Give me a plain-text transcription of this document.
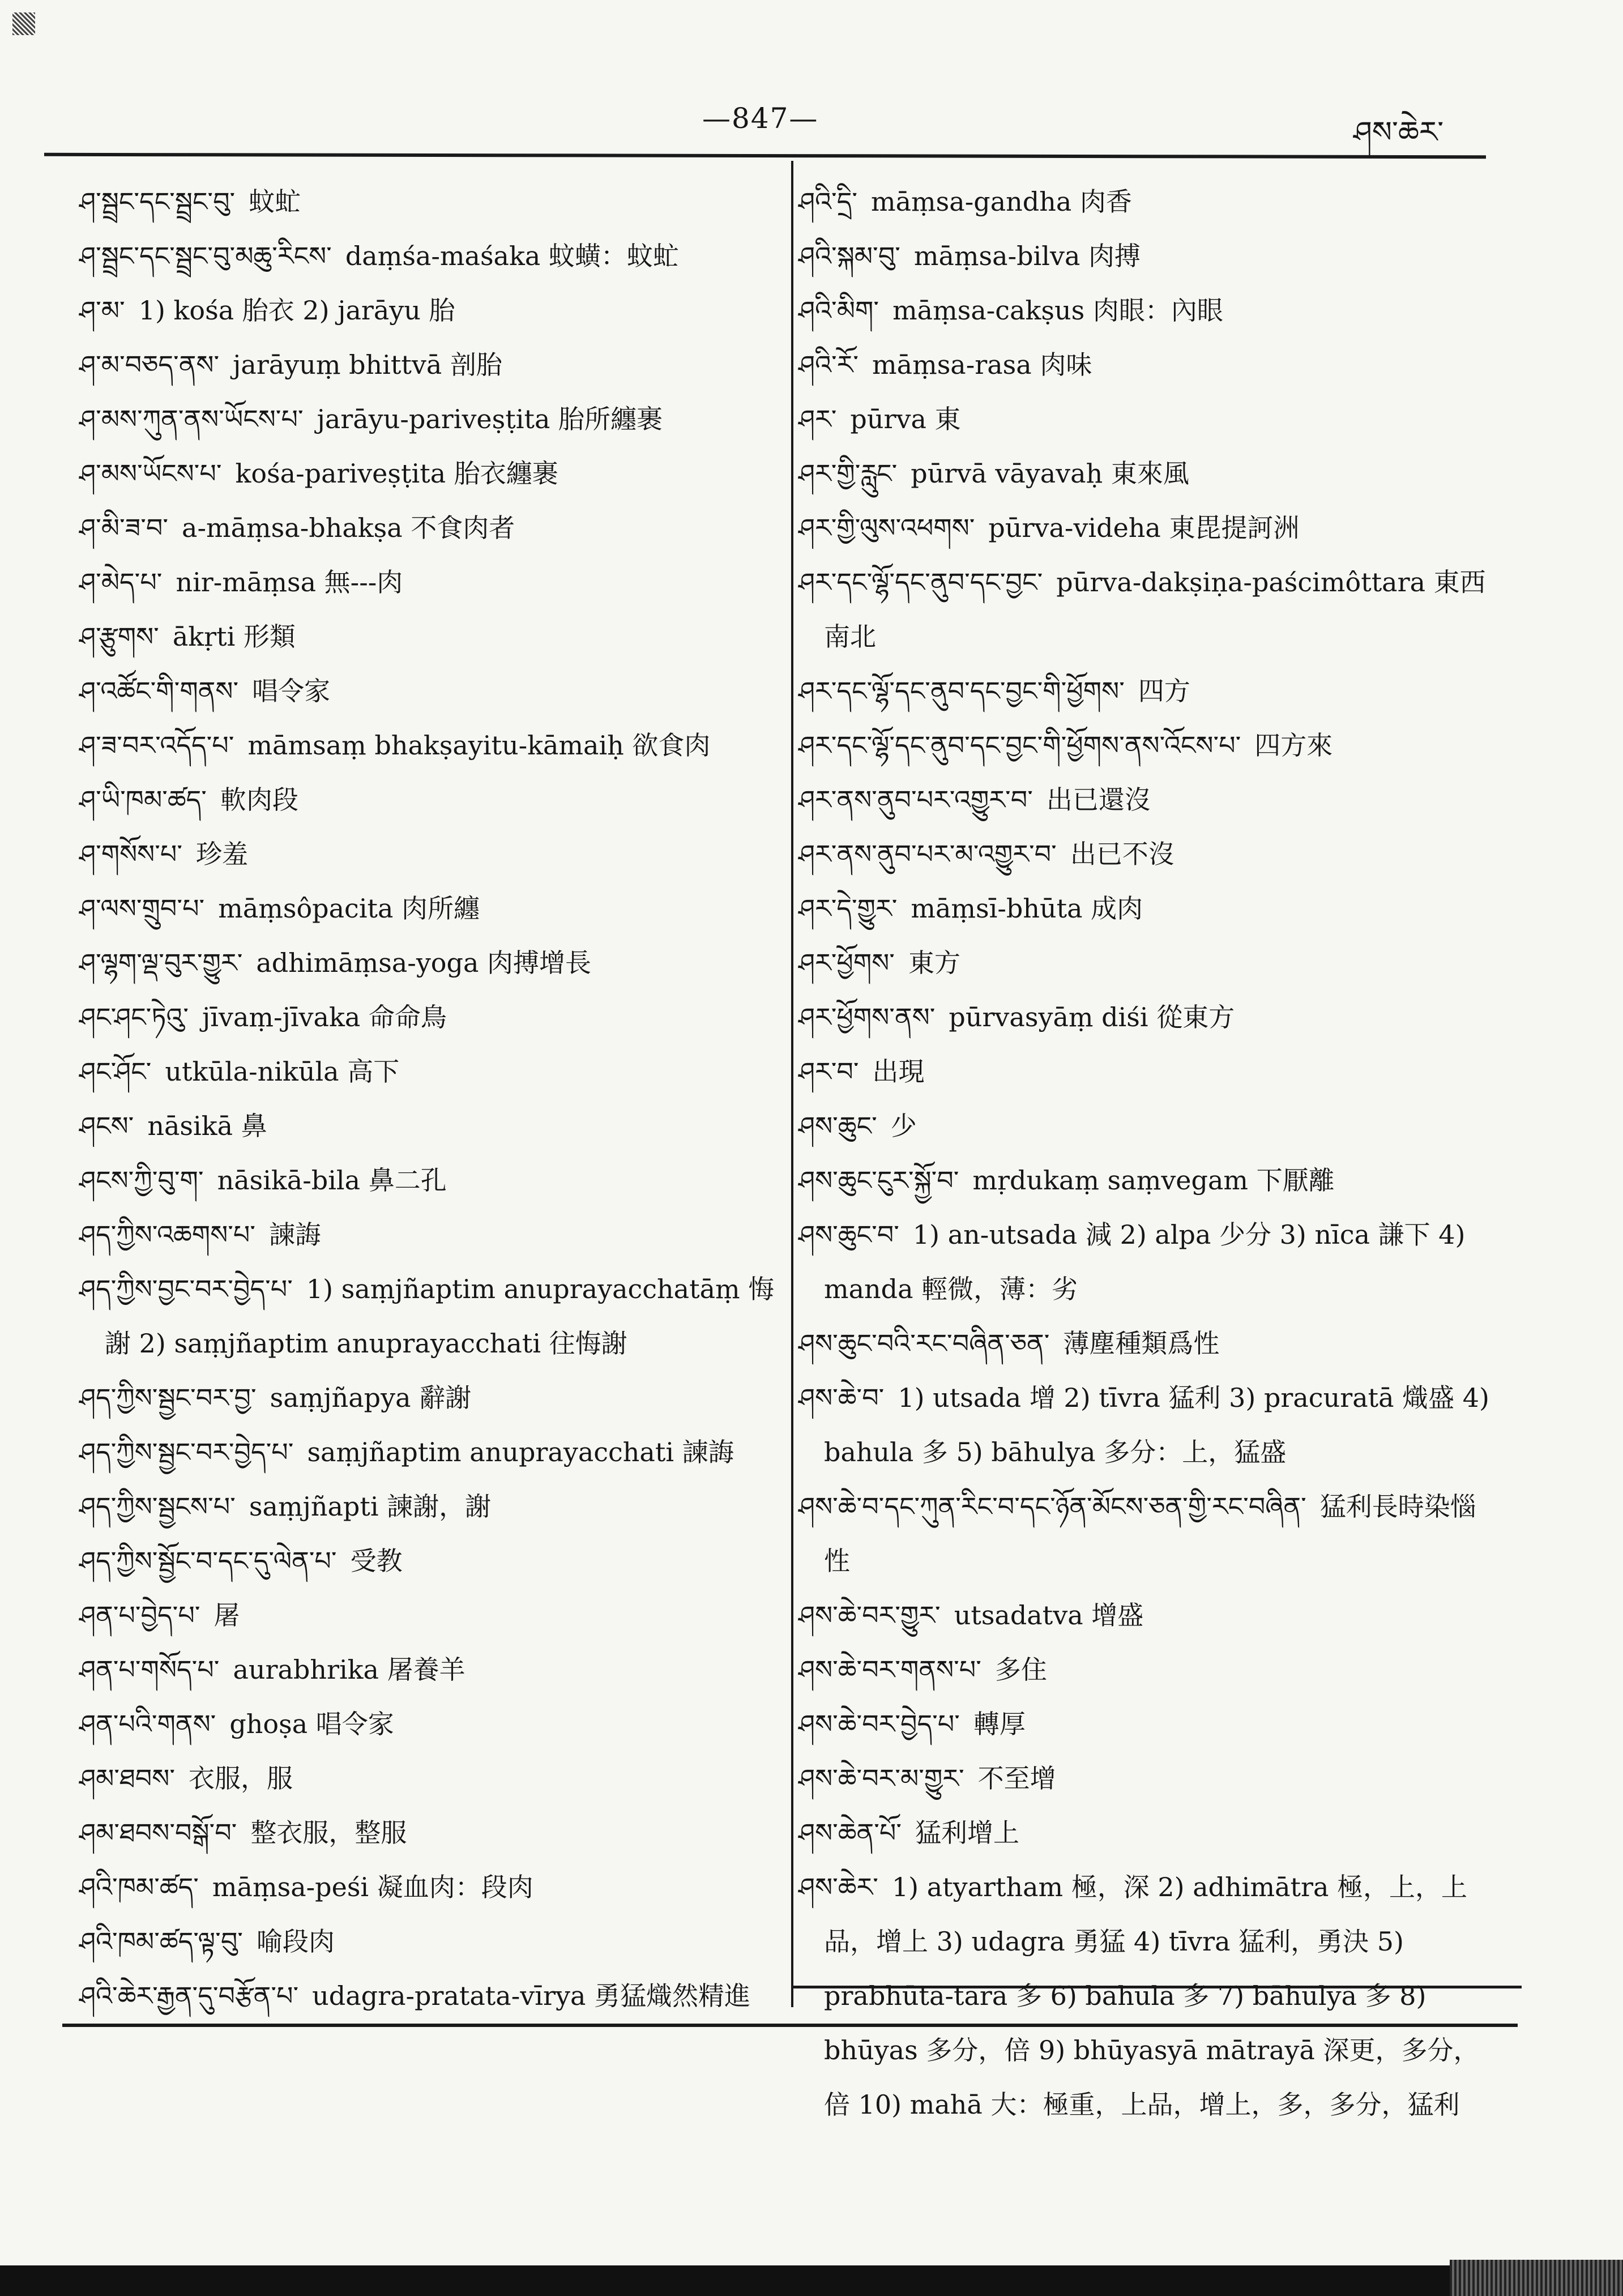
—847—	ཤས་ཆེར་

ཤ་སྦྲང་དང་སྦྲང་བུ་ 蚊虻

ཤ་སྦྲང་དང་སྦྲང་བུ་མཆུ་རིངས་ daṃśa-maśaka 蚊蟥：蚊虻

ཤ་མ་ 1) kośa 胎衣 2) jarāyu 胎

ཤ་མ་བཅད་ནས་ jarāyuṃ bhittvā 剖胎

ཤ་མས་ཀུན་ནས་ཡོངས་པ་ jarāyu-pariveṣṭita 胎所纏裹

ཤ་མས་ཡོངས་པ་ kośa-pariveṣṭita 胎衣纏裹

ཤ་མི་ཟ་བ་ a-māṃsa-bhakṣa 不食肉者

ཤ་མེད་པ་ nir-māṃsa 無---肉

ཤ་རྩུགས་ ākṛti 形類

ཤ་འཚོང་གི་གནས་ 唱令家

ཤ་ཟ་བར་འདོད་པ་ māmsaṃ bhakṣayitu-kāmaiḥ 欲食肉

ཤ་ཡི་ཁམ་ཚད་ 軟肉段

ཤ་གསོས་པ་ 珍羞

ཤ་ལས་གྲུབ་པ་ māṃsôpacita 肉所纏

ཤ་ལྷག་ལྡ་བུར་གྱུར་ adhimāṃsa-yoga 肉搏增長

ཤང་ཤང་ཏེའུ་ jīvaṃ-jīvaka 命命鳥

ཤང་ཤོང་ utkūla-nikūla 高下

ཤངས་ nāsikā 鼻

ཤངས་ཀྱི་བུ་ག་ nāsikā-bila 鼻二孔

ཤད་ཀྱིས་འཆགས་པ་ 諫誨

ཤད་ཀྱིས་བྱང་བར་བྱེད་པ་ 1) saṃjñaptim anuprayacchatāṃ 悔謝 2) saṃjñaptim anuprayacchati 往悔謝

ཤད་ཀྱིས་སྦྱང་བར་བྱ་ saṃjñapya 辭謝

ཤད་ཀྱིས་སྦྱང་བར་བྱེད་པ་ saṃjñaptim anuprayacchati 諫誨

ཤད་ཀྱིས་སྦྱངས་པ་ saṃjñapti 諫謝，謝

ཤད་ཀྱིས་སྦྱོང་བ་དང་དུ་ལེན་པ་ 受教

ཤན་པ་བྱེད་པ་ 屠

ཤན་པ་གསོད་པ་ aurabhrika 屠養羊

ཤན་པའི་གནས་ ghoṣa 唱令家

ཤམ་ཐབས་ 衣服，服

ཤམ་ཐབས་བསྒོ་བ་ 整衣服，整服

ཤའི་ཁམ་ཚད་ māṃsa-peśi 凝血肉：段肉

ཤའི་ཁམ་ཚད་ལྟ་བུ་ 喻段肉

ཤའི་ཆེར་རྒྱན་དུ་བརྩོན་པ་ udagra-pratata-vīrya 勇猛熾然精進

ཤའི་དྲི་ māṃsa-gandha 肉香

ཤའི་སྐམ་བུ་ māṃsa-bilva 肉搏

ཤའི་མིག་ māṃsa-cakṣus 肉眼：內眼

ཤའི་རོ་ māṃsa-rasa 肉味

ཤར་ pūrva 東

ཤར་གྱི་རླུང་ pūrvā vāyavaḥ 東來風

ཤར་གྱི་ལུས་འཕགས་ pūrva-videha 東毘提訶洲

ཤར་དང་ལྷོ་དང་ནུབ་དང་བྱང་ pūrva-dakṣiṇa-paścimôttara 東西南北

ཤར་དང་ལྷོ་དང་ནུབ་དང་བྱང་གི་ཕྱོགས་ 四方

ཤར་དང་ལྷོ་དང་ནུབ་དང་བྱང་གི་ཕྱོགས་ནས་འོངས་པ་ 四方來

ཤར་ནས་ནུབ་པར་འགྱུར་བ་ 出已還沒

ཤར་ནས་ནུབ་པར་མ་འགྱུར་བ་ 出已不沒

ཤར་དེ་གྱུར་ māṃsī-bhūta 成肉

ཤར་ཕྱོགས་ 東方

ཤར་ཕྱོགས་ནས་ pūrvasyāṃ diśi 從東方

ཤར་བ་ 出現

ཤས་ཆུང་ 少

ཤས་ཆུང་ངུར་སྐྱོ་བ་ mṛdukaṃ saṃvegam 下厭離

ཤས་ཆུང་བ་ 1) an-utsada 減 2) alpa 少分 3) nīca 謙下 4) manda 輕微，薄：劣

ཤས་ཆུང་བའི་རང་བཞིན་ཅན་ 薄塵種類爲性

ཤས་ཆེ་བ་ 1) utsada 增 2) tīvra 猛利 3) pracuratā 熾盛 4) bahula 多 5) bāhulya 多分：上，猛盛

ཤས་ཆེ་བ་དང་ཀུན་རིང་བ་དང་ཉོན་མོངས་ཅན་གྱི་རང་བཞིན་ 猛利長時染惱性

ཤས་ཆེ་བར་གྱུར་ utsadatva 增盛

ཤས་ཆེ་བར་གནས་པ་ 多住

ཤས་ཆེ་བར་བྱེད་པ་ 轉厚

ཤས་ཆེ་བར་མ་གྱུར་ 不至增

ཤས་ཆེན་པོ་ 猛利增上

ཤས་ཆེར་ 1) atyartham 極，深 2) adhimātra 極，上，上品，增上 3) udagra 勇猛 4) tīvra 猛利，勇決 5) prabhūta-tara 多 6) bahula 多 7) bāhulya 多 8) bhūyas 多分，倍 9) bhūyasyā mātrayā 深更，多分，倍 10) mahā 大：極重，上品，增上，多，多分，猛利
